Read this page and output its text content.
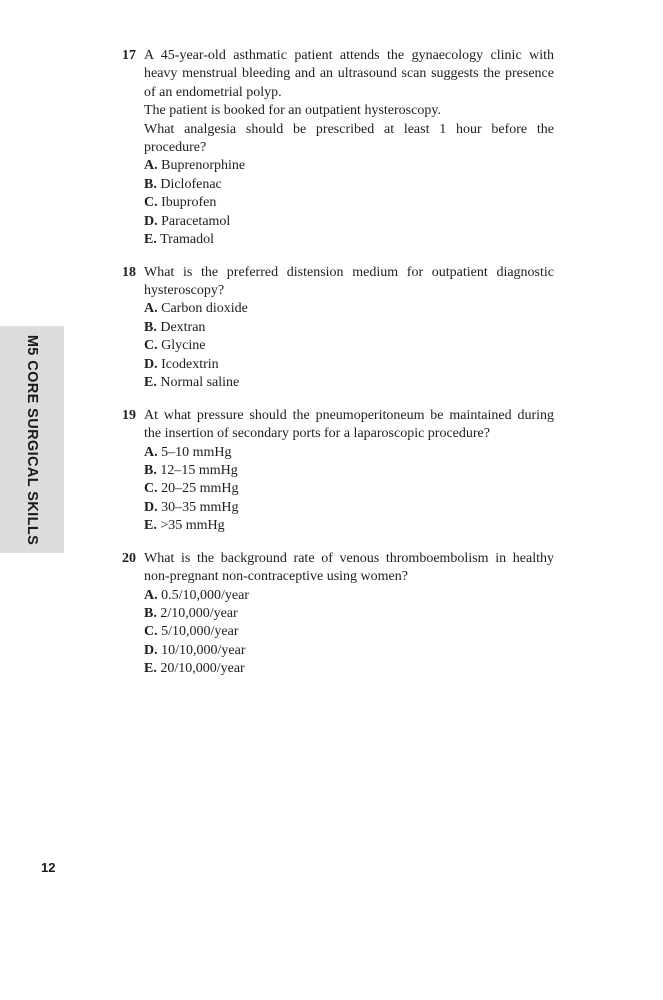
M5 CORE SURGICAL SKILLS
17 A 45-year-old asthmatic patient attends the gynaecology clinic with heavy menstrual bleeding and an ultrasound scan suggests the presence of an endometrial polyp.

The patient is booked for an outpatient hysteroscopy.

What analgesia should be prescribed at least 1 hour before the procedure?

A. Buprenorphine
B. Diclofenac
C. Ibuprofen
D. Paracetamol
E. Tramadol
18 What is the preferred distension medium for outpatient diagnostic hysteroscopy?

A. Carbon dioxide
B. Dextran
C. Glycine
D. Icodextrin
E. Normal saline
19 At what pressure should the pneumoperitoneum be maintained during the insertion of secondary ports for a laparoscopic procedure?

A. 5–10 mmHg
B. 12–15 mmHg
C. 20–25 mmHg
D. 30–35 mmHg
E. >35 mmHg
20 What is the background rate of venous thromboembolism in healthy non-pregnant non-contraceptive using women?

A. 0.5/10,000/year
B. 2/10,000/year
C. 5/10,000/year
D. 10/10,000/year
E. 20/10,000/year
12
